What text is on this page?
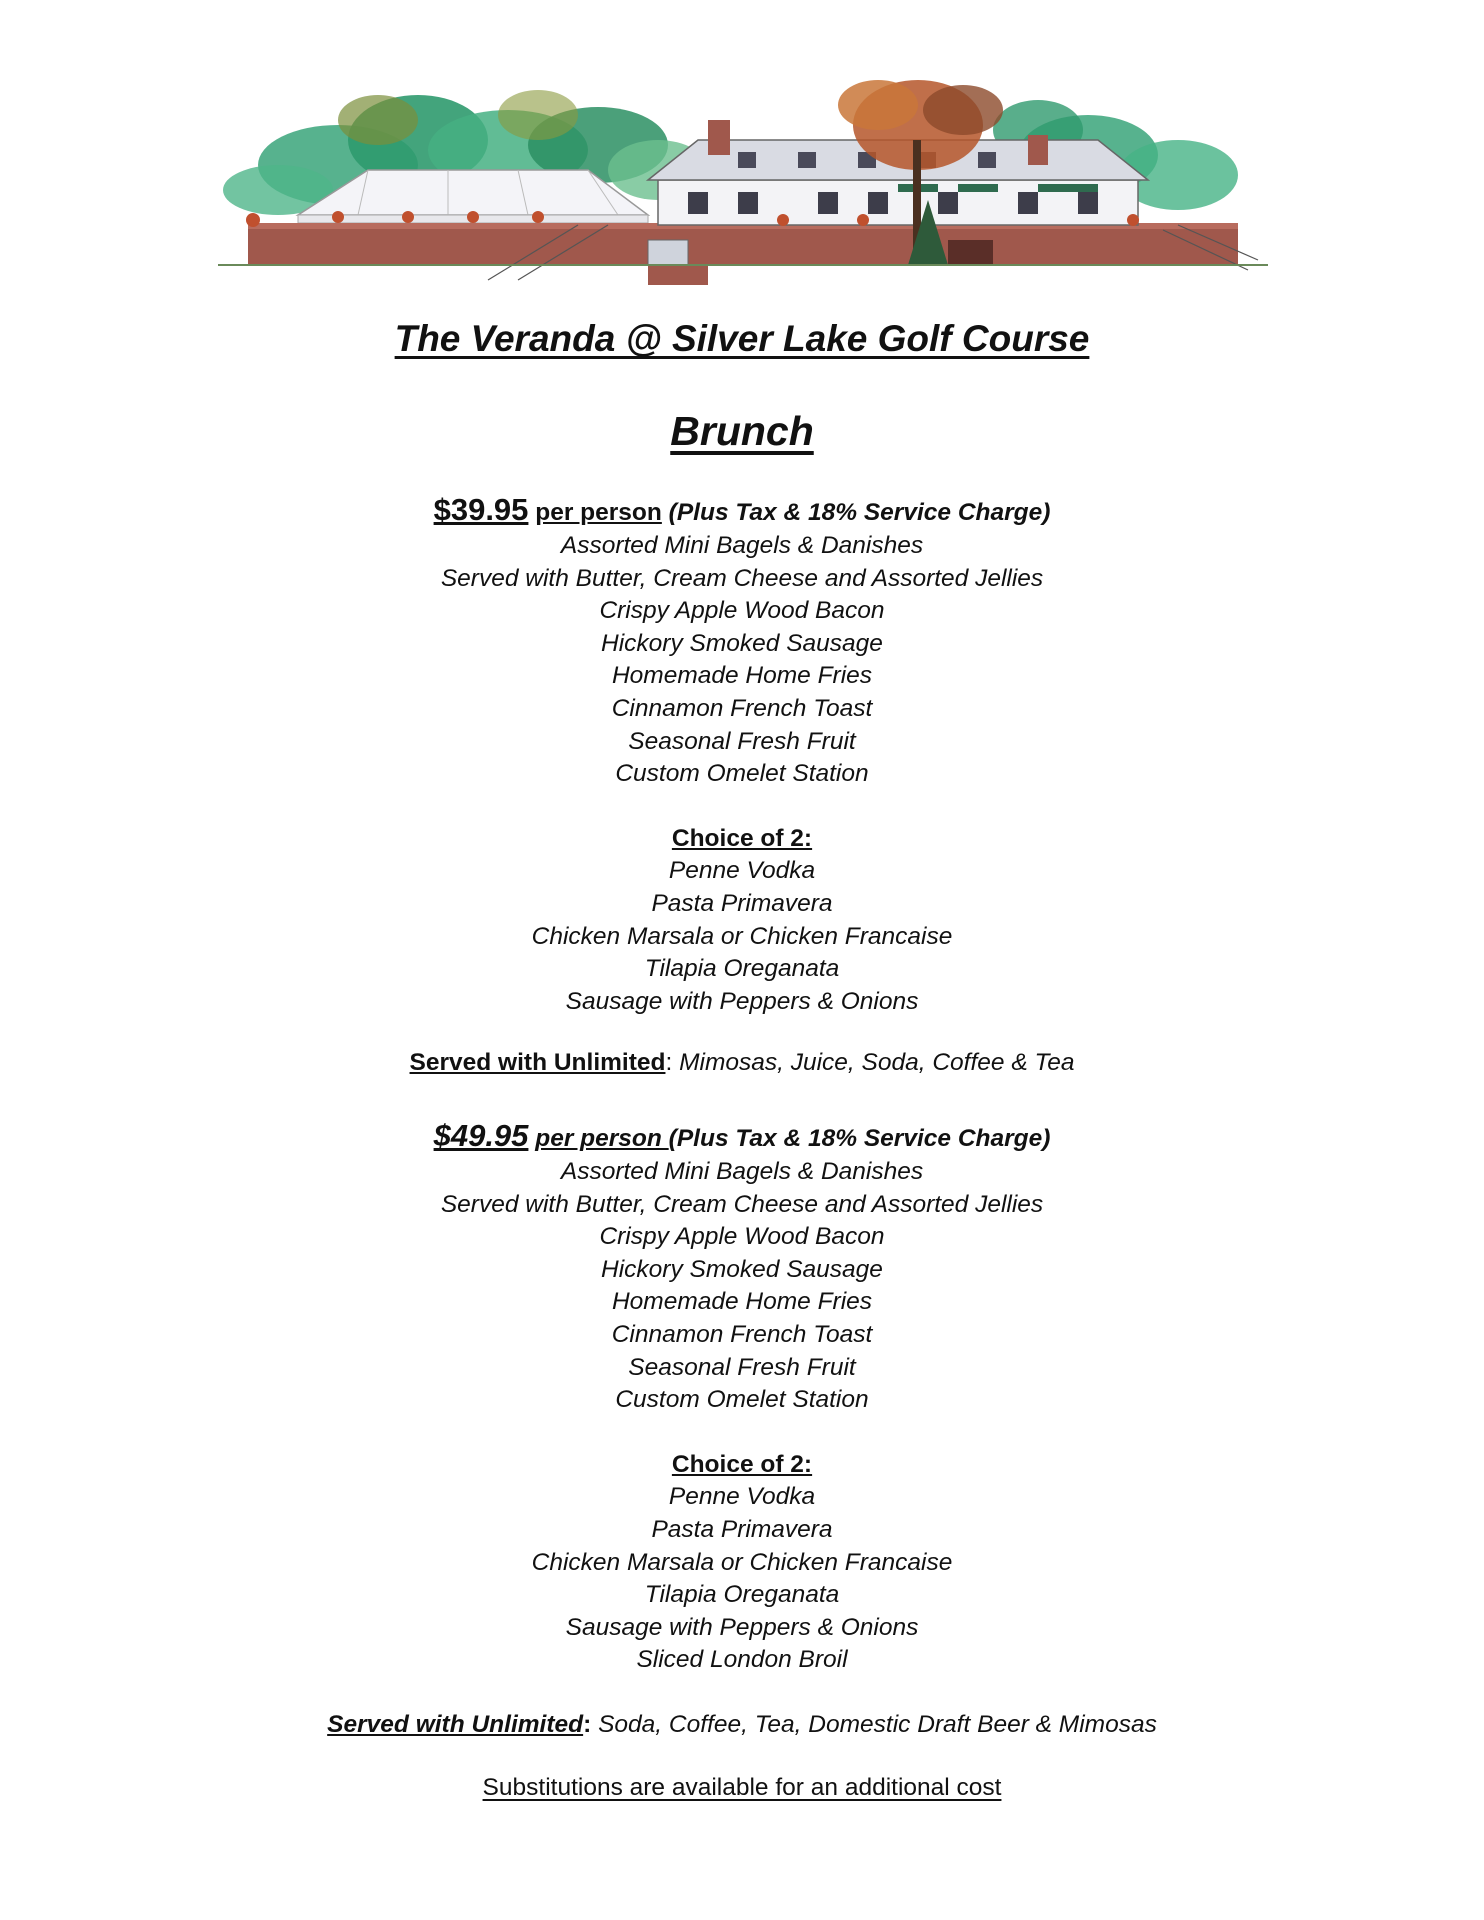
The Veranda @ Silver Lake Golf Course
Brunch
$39.95 per person (Plus Tax & 18% Service Charge)
Assorted Mini Bagels & Danishes
Served with Butter, Cream Cheese and Assorted Jellies
Crispy Apple Wood Bacon
Hickory Smoked Sausage
Homemade Home Fries
Cinnamon French Toast
Seasonal Fresh Fruit
Custom Omelet Station
Choice of 2:
Penne Vodka
Pasta Primavera
Chicken Marsala or Chicken Francaise
Tilapia Oreganata
Sausage with Peppers & Onions
Served with Unlimited: Mimosas, Juice, Soda, Coffee & Tea
$49.95 per person (Plus Tax & 18% Service Charge)
Assorted Mini Bagels & Danishes
Served with Butter, Cream Cheese and Assorted Jellies
Crispy Apple Wood Bacon
Hickory Smoked Sausage
Homemade Home Fries
Cinnamon French Toast
Seasonal Fresh Fruit
Custom Omelet Station
Choice of 2:
Penne Vodka
Pasta Primavera
Chicken Marsala or Chicken Francaise
Tilapia Oreganata
Sausage with Peppers & Onions
Sliced London Broil
Served with Unlimited: Soda, Coffee, Tea, Domestic Draft Beer & Mimosas
Substitutions are available for an additional cost
